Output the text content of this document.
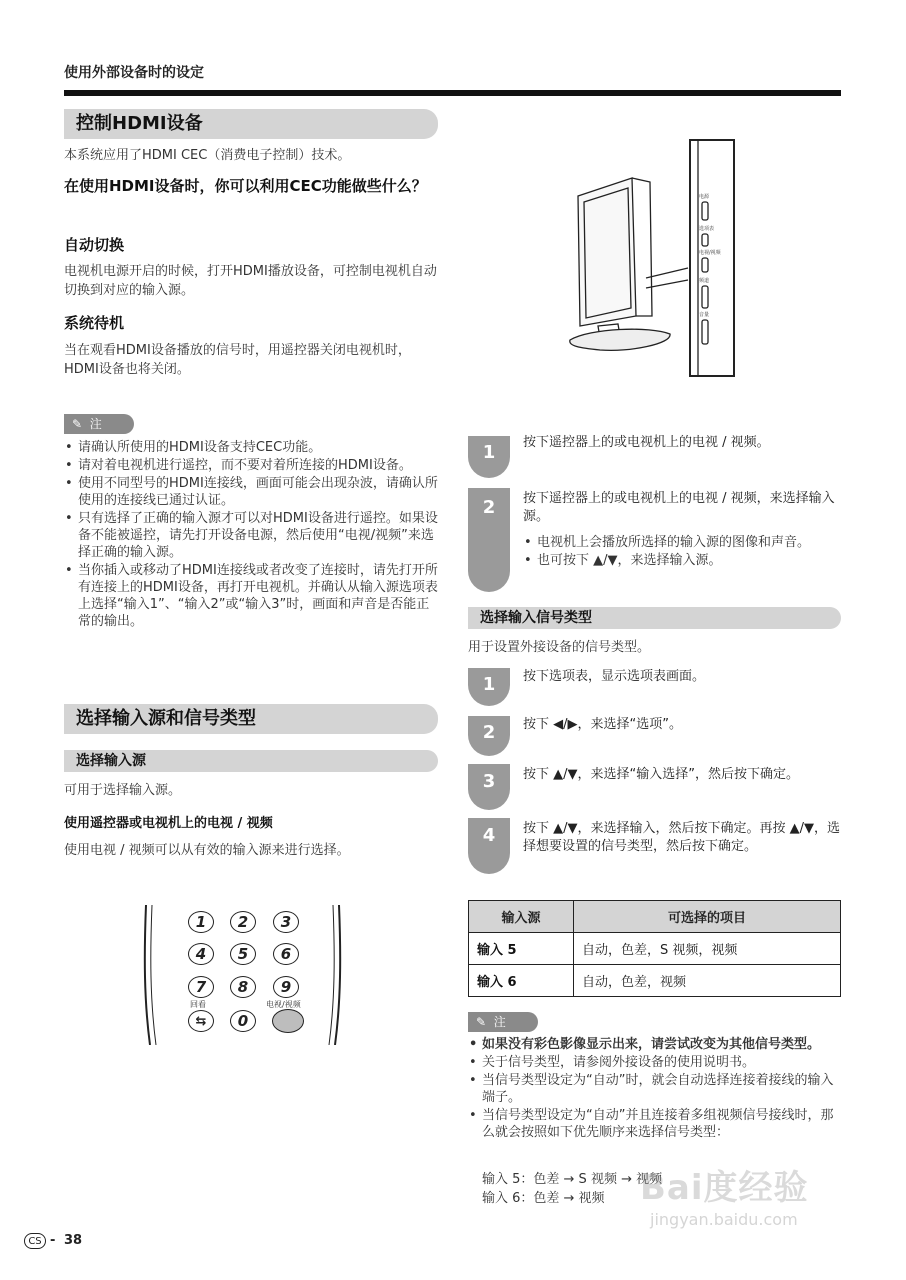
使用外部设备时的设定
控制HDMI设备
本系统应用了HDMI CEC（消费电子控制）技术。
在使用HDMI设备时，你可以利用CEC功能做些什么？
自动切换
电视机电源开启的时候，打开HDMI播放设备，可控制电视机自动切换到对应的输入源。
系统待机
当在观看HDMI设备播放的信号时，用遥控器关闭电视机时，HDMI设备也将关闭。
✎ 注
• 请确认所使用的HDMI设备支持CEC功能。
• 请对着电视机进行遥控，而不要对着所连接的HDMI设备。
• 使用不同型号的HDMI连接线，画面可能会出现杂波，请确认所使用的连接线已通过认证。
• 只有选择了正确的输入源才可以对HDMI设备进行遥控。如果设备不能被遥控，请先打开设备电源，然后使用“电视/视频”来选择正确的输入源。
• 当你插入或移动了HDMI连接线或者改变了连接时，请先打开所有连接上的HDMI设备，再打开电视机。并确认从输入源选项表上选择“输入1”、“输入2”或“输入3”时，画面和声音是否能正常的输出。
选择输入源和信号类型
选择输入源
可用于选择输入源。
使用遥控器或电视机上的电视 / 视频
使用电视 / 视频可以从有效的输入源来进行选择。
1	2	3
4	5	6
7	8	9
回看	电视/视频
⇆	0
电源
选项表
电视/视频
频道
音量
1	按下遥控器上的或电视机上的电视 / 视频。
2	按下遥控器上的或电视机上的电视 / 视频，来选择输入源。
• 电视机上会播放所选择的输入源的图像和声音。
• 也可按下 ▲/▼，来选择输入源。
选择输入信号类型
用于设置外接设备的信号类型。
1	按下选项表，显示选项表画面。
2	按下 ◀/▶，来选择“选项”。
3	按下 ▲/▼，来选择“输入选择”，然后按下确定。
4	按下 ▲/▼，来选择输入，然后按下确定。再按 ▲/▼，选择想要设置的信号类型，然后按下确定。
输入源	可选择的项目
输入 5	自动，色差，S 视频，视频
输入 6	自动，色差，视频
✎ 注
• 如果没有彩色影像显示出来，请尝试改变为其他信号类型。
• 关于信号类型，请参阅外接设备的使用说明书。
• 当信号类型设定为“自动”时，就会自动选择连接着接线的输入端子。
• 当信号类型设定为“自动”并且连接着多组视频信号接线时，那么就会按照如下优先顺序来选择信号类型：
输入 5：色差 → S 视频 → 视频
输入 6：色差 → 视频	Bai度经验
jingyan.baidu.com
CS - 38
